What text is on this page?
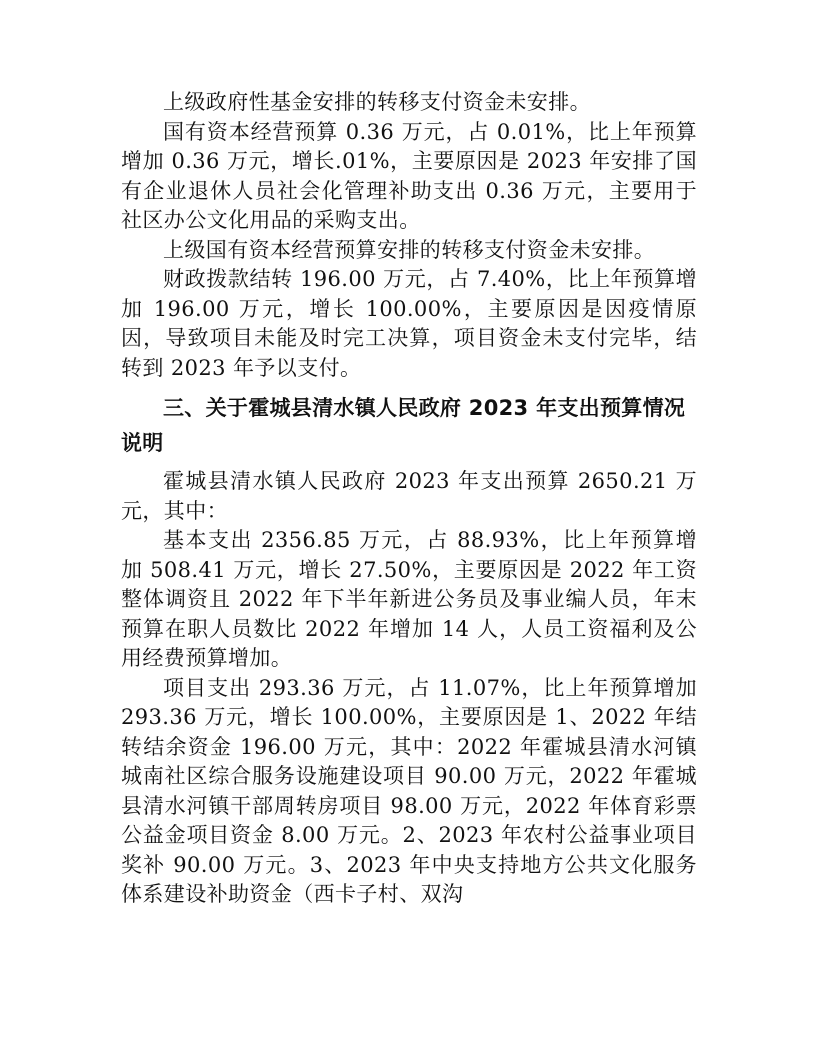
上级政府性基金安排的转移支付资金未安排。

国有资本经营预算 0.36 万元，占 0.01%，比上年预算增加 0.36 万元，增长.01%，主要原因是 2023 年安排了国有企业退休人员社会化管理补助支出 0.36 万元，主要用于社区办公文化用品的采购支出。

上级国有资本经营预算安排的转移支付资金未安排。

财政拨款结转 196.00 万元，占 7.40%，比上年预算增加 196.00 万元，增长 100.00%，主要原因是因疫情原因，导致项目未能及时完工决算，项目资金未支付完毕，结转到 2023 年予以支付。

三、关于霍城县清水镇人民政府 2023 年支出预算情况说明

霍城县清水镇人民政府 2023 年支出预算 2650.21 万元，其中：

基本支出 2356.85 万元，占 88.93%，比上年预算增加 508.41 万元，增长 27.50%，主要原因是 2022 年工资整体调资且 2022 年下半年新进公务员及事业编人员，年末预算在职人员数比 2022 年增加 14 人，人员工资福利及公用经费预算增加。

项目支出 293.36 万元，占 11.07%，比上年预算增加 293.36 万元，增长 100.00%，主要原因是 1、2022 年结转结余资金 196.00 万元，其中：2022 年霍城县清水河镇城南社区综合服务设施建设项目 90.00 万元，2022 年霍城县清水河镇干部周转房项目 98.00 万元，2022 年体育彩票公益金项目资金 8.00 万元。2、2023 年农村公益事业项目奖补 90.00 万元。3、2023 年中央支持地方公共文化服务体系建设补助资金（西卡子村、双沟
